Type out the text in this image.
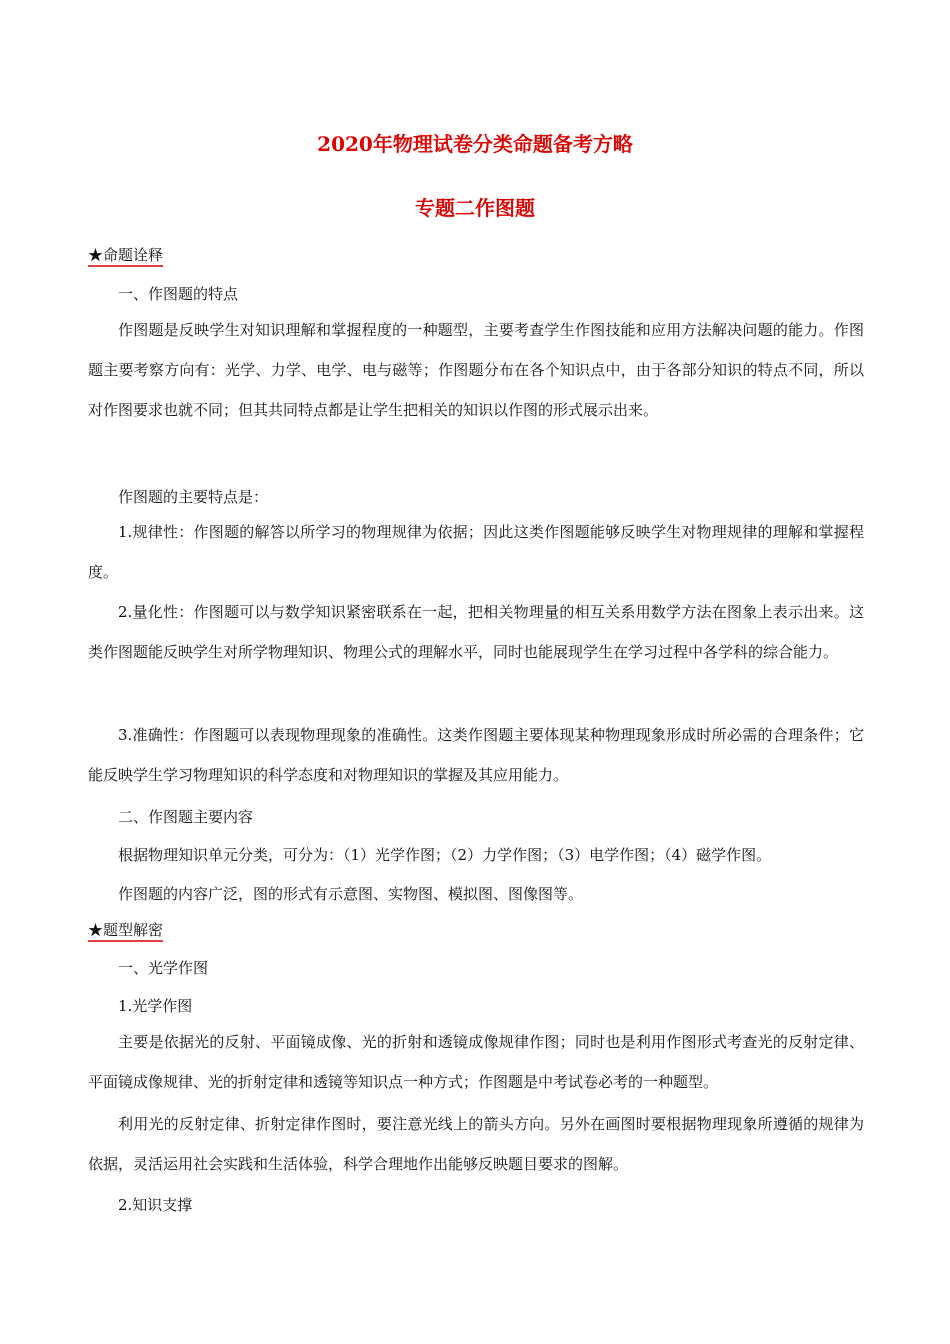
2020年物理试卷分类命题备考方略
专题二作图题
★命题诠释
一、作图题的特点
作图题是反映学生对知识理解和掌握程度的一种题型，主要考查学生作图技能和应用方法解决问题的能力。作图题主要考察方向有：光学、力学、电学、电与磁等；作图题分布在各个知识点中，由于各部分知识的特点不同，所以对作图要求也就不同；但其共同特点都是让学生把相关的知识以作图的形式展示出来。
作图题的主要特点是：
1.规律性：作图题的解答以所学习的物理规律为依据；因此这类作图题能够反映学生对物理规律的理解和掌握程度。
2.量化性：作图题可以与数学知识紧密联系在一起，把相关物理量的相互关系用数学方法在图象上表示出来。这类作图题能反映学生对所学物理知识、物理公式的理解水平，同时也能展现学生在学习过程中各学科的综合能力。
3.准确性：作图题可以表现物理现象的准确性。这类作图题主要体现某种物理现象形成时所必需的合理条件；它能反映学生学习物理知识的科学态度和对物理知识的掌握及其应用能力。
二、作图题主要内容
根据物理知识单元分类，可分为：（1）光学作图；（2）力学作图；（3）电学作图；（4）磁学作图。
作图题的内容广泛，图的形式有示意图、实物图、模拟图、图像图等。
★题型解密
一、光学作图
1.光学作图
主要是依据光的反射、平面镜成像、光的折射和透镜成像规律作图；同时也是利用作图形式考查光的反射定律、平面镜成像规律、光的折射定律和透镜等知识点一种方式；作图题是中考试卷必考的一种题型。
利用光的反射定律、折射定律作图时，要注意光线上的箭头方向。另外在画图时要根据物理现象所遵循的规律为依据，灵活运用社会实践和生活体验，科学合理地作出能够反映题目要求的图解。
2.知识支撑
